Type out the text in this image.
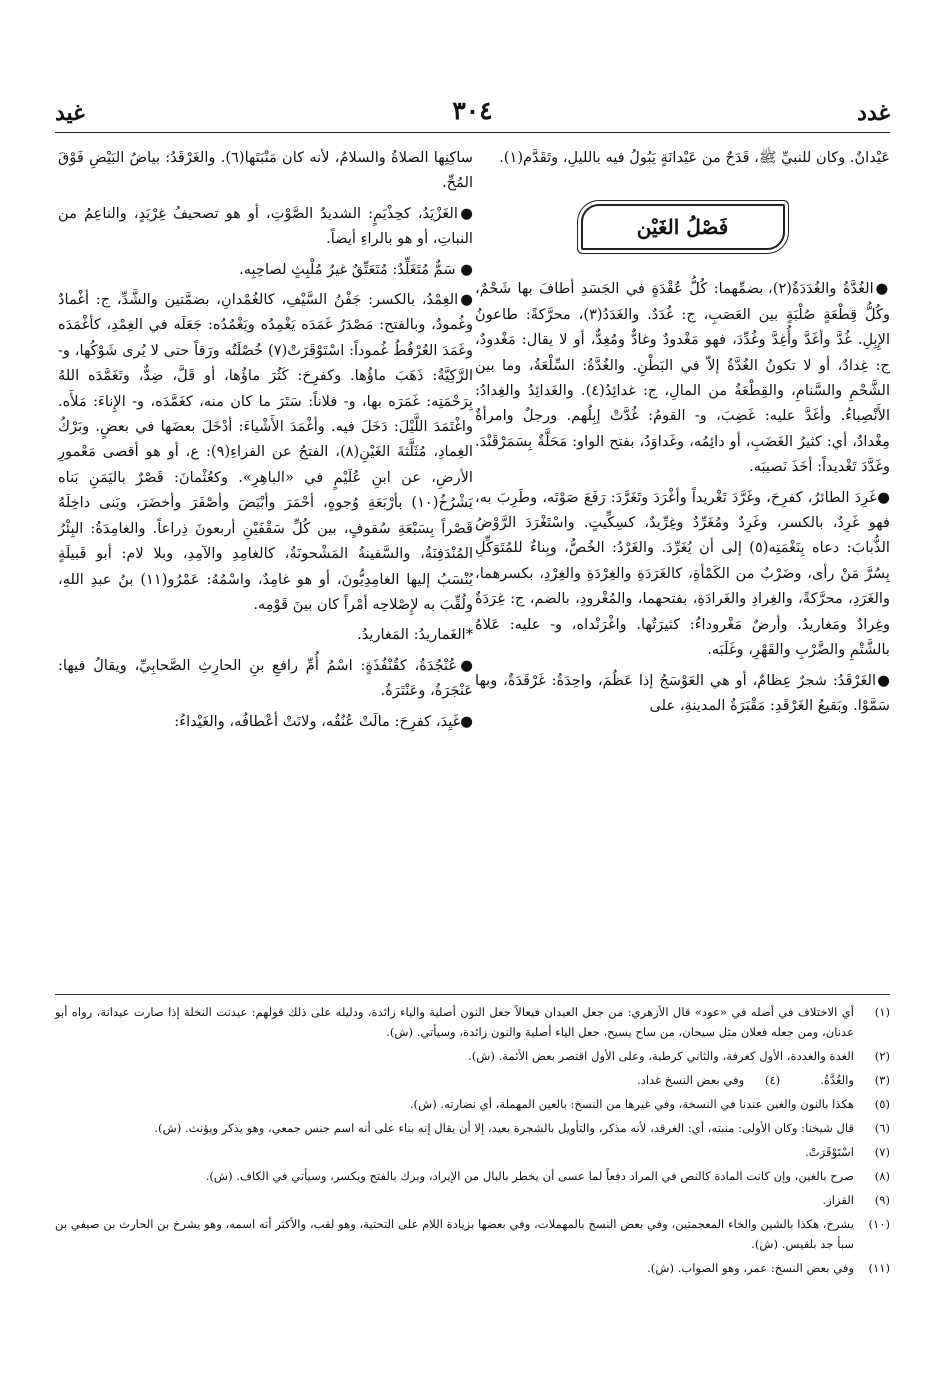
غدد
٣٠٤
غيد

عَيْدانٌ. وكان للنبيِّ ﷺ، قَدَحٌ من عَيْدانَةٍ يَبُولُ فيه بالليلِ، وتَقَدَّم(١).

فَصْلُ الغَيْن

●الغُدَّةُ والغُدَدَةُ(٢)، بضمِّهما: كُلُّ عُقْدَةٍ في الجَسَدِ أطافَ بها شَحْمٌ، وكُلُّ قِطْعَةٍ صُلْبَةٍ بين العَصَبِ، ج: غُدَدٌ. والغَدَدُ(٣)، محرَّكةً: طاعونُ الإِبِلِ. غُدَّ وأغَدَّ وأُغِدَّ وغُدِّدَ، فهو مَغْدودٌ وغادٌّ ومُغِدٌّ، أو لا يقال: مَغْدودٌ، ج: غِدادٌ، أو لا تكونُ الغُدَّةُ إلاّ في البَطْنِ. والغُدَّةُ: السِّلْعَةُ، وما بين الشَّحْمِ والسَّنامِ، والقِطْعَةُ من المالِ، ج: غدائِدُ(٤). والغَدائِدُ والغِدادُ: الأَنْصِباءُ. وأغَدَّ عليه: غَضِبَ، و- القومُ: غُدَّتْ إبِلُهم. ورجلٌ وامرأةٌ مِغْدادٌ، أي: كثيرُ الغَضَبِ، أو دائِمُه، وغَداوَدُ، بفتح الواو: مَحَلَّةٌ بِسَمَرْقَنْدَ. وغَدَّدَ تَغْديداً: أخَذَ نَصيبَه.

●غَرِدَ الطائرُ، كفرِحَ، وغَرَّدَ تَغْريداً وأغْرَدَ وتَغَرَّدَ: رَفَعَ صَوْتَه، وطَرِبَ به، فهو غَرِدٌ، بالكسر، وغَرِدٌ ومُغَرِّدٌ وغِرِّيدٌ، كسِكِّيتٍ. واسْتَغْرَدَ الرَّوْضُ الذُّبابَ: دعاه بِنَغْمَتِه(٥) إلى أن يُغَرِّدَ. والغَرْدُ: الخُصُّ، وبِناءٌ للمُتَوَكِّلِ بِسُرَّ مَنْ رأى، وضَرْبٌ من الكَمْأةِ، كالغَرَدَةِ والغِرْدَةِ والغِرْدِ، بكسرهما، والغَرَدِ، محرَّكةً، والغِرادِ والغَرادَةِ، بفتحهما، والمُغْرودِ، بالضم، ج: غِرَدَةٌ وغِرادٌ ومَغاريدُ. وأرضٌ مَغْروداءُ: كثيرَتُها. واغْرَنْداه، و- عليه: عَلاهُ بالشَّتْمِ والضَّرْبِ والقَهْرِ، وغَلَبَه.

●الغَرْقَدُ: شجرٌ عِظامٌ، أو هي العَوْسَجُ إذا عَظُمَ، واحِدَةُ: غَرْقَدَةٌ، وبها سَمَّوْا. وبَقيعُ الغَرْقَدِ: مَقْبَرَةُ المدينةِ، على

ساكِنِها الصلاةُ والسلامُ، لأنه كان مَنْبَتَها(٦). والغَرْقَدُ: بياضُ البَيْضِ فَوْقَ المُحِّ.

●الغَزْيَدُ، كحِذْيَمٍ: الشديدُ الصَّوْتِ، أو هو تصحيفُ غِرْيَدٍ، والناعِمُ من النباتِ، أو هو بالراءِ أيضاً.

● سَمٌّ مُتَغَلِّدٌ: مُتَعَتِّقٌ غيرُ مُلْبِثٍ لصاحِبِه.

●الغِمْدُ، بالكسر: جَفْنُ السَّيْفِ، كالغُمْدانِ، بضمَّتين والشَّدِّ، ج: أغْمادٌ وغُمودٌ، وبالفتح: مَصْدَرُ غَمَدَه يَغْمِدُه ويَغْمُدُه: جَعَلَه في الغِمْدِ، كأغْمَدَه وغَمَدَ العُرْفُطُ غُموداً: اسْتَوْقَرَتْ(٧) خُصْلَتُه ورَقاً حتى لا يُرى شَوْكُها، و- الرَّكِيَّةُ: ذَهَبَ ماؤُها. وكفرِحَ: كَثُرَ ماؤُها، أو قَلَّ، ضِدٌّ، وتَغَمَّدَه اللهُ بِرَحْمَتِه: غَمَرَه بها، و- فلاناً: سَتَرَ ما كان منه، كغَمَّدَه، و- الإِناءَ: مَلأَه. واغْتَمَدَ اللَّيْلَ: دَخَلَ فيه. وأغْمَدَ الأَشْياءَ: أدْخَلَ بعضَها في بعضٍ. وبَرْكُ الغِمادِ، مُثَلَّثةَ الغَيْنِ(٨)، الفتحُ عن الفراءِ(٩): ع، أو هو أقصى مَعْمورِ الأرضِ، عن ابنِ عُلَيْمٍ في «الباهِرِ». وكعُثْمانَ: قَصْرٌ باليَمَنِ بَناه يَشْرُخُ(١٠) بأرْبَعَةِ وُجوهٍ، أحْمَرَ وأبْيَضَ وأصْفَرَ وأخضَرَ، وبَنى داخِلَهُ قَصْراً بِسَبْعَةِ سُقوفٍ، بين كُلِّ سَقْفَيْنِ أربعونَ ذِراعاً. والغامِدَةُ: البِئْرُ المُنْدَفِنَةُ، والسَّفينةُ المَشْحونَةُ، كالغامِدِ والآمِدِ، وبلا لام: أبو قَبيلَةٍ يُنْسَبُ إليها الغامِدِيُّونَ، أو هو غامِدٌ، واسْمُهُ: عَمْرُو(١١) بنُ عبدِ اللهِ، ولُقِّبَ به لإِصْلاحِه أمْراً كان بينَ قَوْمِه.

*الغَماريدُ: المَغاريدُ.

●عُنْجُدَةُ، كقُنْفُذَةٍ: اسْمُ أُمِّ رافعِ بنِ الحارِثِ الصَّحابِيِّ، ويقالُ فيها: عَنْجَرَةُ، وعَنْتَرَةُ.

●غَيِدَ، كفرِحَ: مالَتْ عُنُقُه، ولانَتْ أعْطافُه، والغَيْداءُ:

(١)
أي الاختلاف في أصله في «عود» قال الأزهري: من جعل العيدان فيعالاً جعل النون أصلية والياء زائدة، ودليله على ذلك قولهم: عيدنت النخلة إذا صارت عيدانة، رواه أبو عدنان، ومن جعله فعلان مثل سيحان، من ساح يسيح، جعل الياء أصلية والنون زائدة، وسيأتي. (ش).
(٢)
الغدة والغددة، الأول كغرفة، والثاني كرطبة، وعلى الأول اقتصر بعض الأئمة. (ش).
(٣)
والغُدَّةُ.
(٤)
وفي بعض النسخ غداد.
(٥)
هكذا بالنون والغين عندنا في النسخة، وفي غيرها من النسخ: بالعين المهملة، أي نضارته. (ش).
(٦)
قال شيخنا: وكان الأولى: منبته، أي: الغرقد، لأنه مذكر، والتأويل بالشجرة بعيد، إلا أن يقال إنه بناء على أنه اسم جنس جمعي، وهو يذكر ويؤنث. (ش).
(٧)
اسْتَوْقَرَتْ.
(٨)
صرح بالغين، وإن كانت المادة كالنص في المراد دفعاً لما عسى أن يخطر بالبال من الإيراد، وبرك بالفتح ويكسر، وسيأتي في الكاف. (ش).
(٩)
القزاز.
(١٠)
يشرخ، هكذا بالشين والخاء المعجمتين، وفي بعض النسخ بالمهملات، وفي بعضها بزيادة اللام على التحتية، وهو لقب، والأكثر أنه اسمه، وهو يشرخ بن الحارث بن صيفي بن سبأ جد بلقيس. (ش).
(١١)
وفي بعض النسخ: عمر، وهو الصواب. (ش).
